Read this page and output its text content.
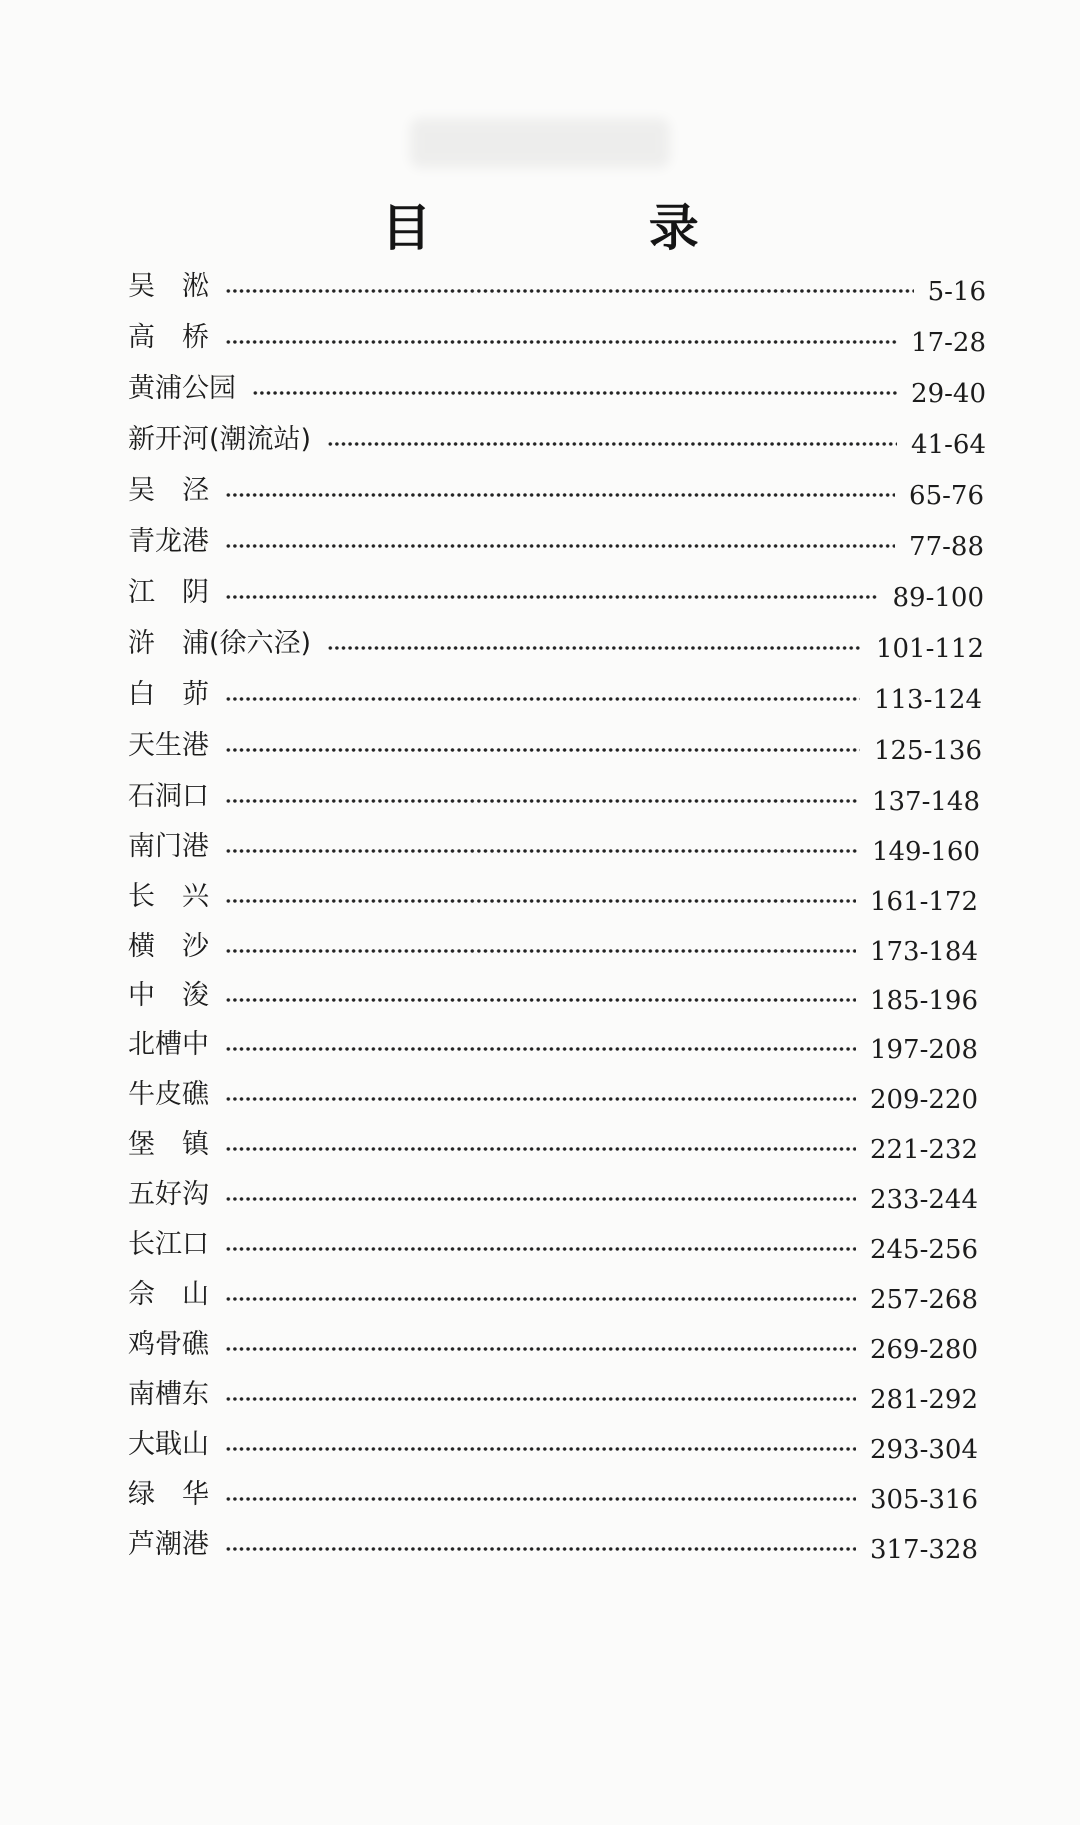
目 录
吴　淞	5-16
高　桥	17-28
黄浦公园	29-40
新开河(潮流站)	41-64
吴　泾	65-76
青龙港	77-88
江　阴	89-100
浒　浦(徐六泾)	101-112
白　茆	113-124
天生港	125-136
石洞口	137-148
南门港	149-160
长　兴	161-172
横　沙	173-184
中　浚	185-196
北槽中	197-208
牛皮礁	209-220
堡　镇	221-232
五好沟	233-244
长江口	245-256
佘　山	257-268
鸡骨礁	269-280
南槽东	281-292
大戢山	293-304
绿　华	305-316
芦潮港	317-328
